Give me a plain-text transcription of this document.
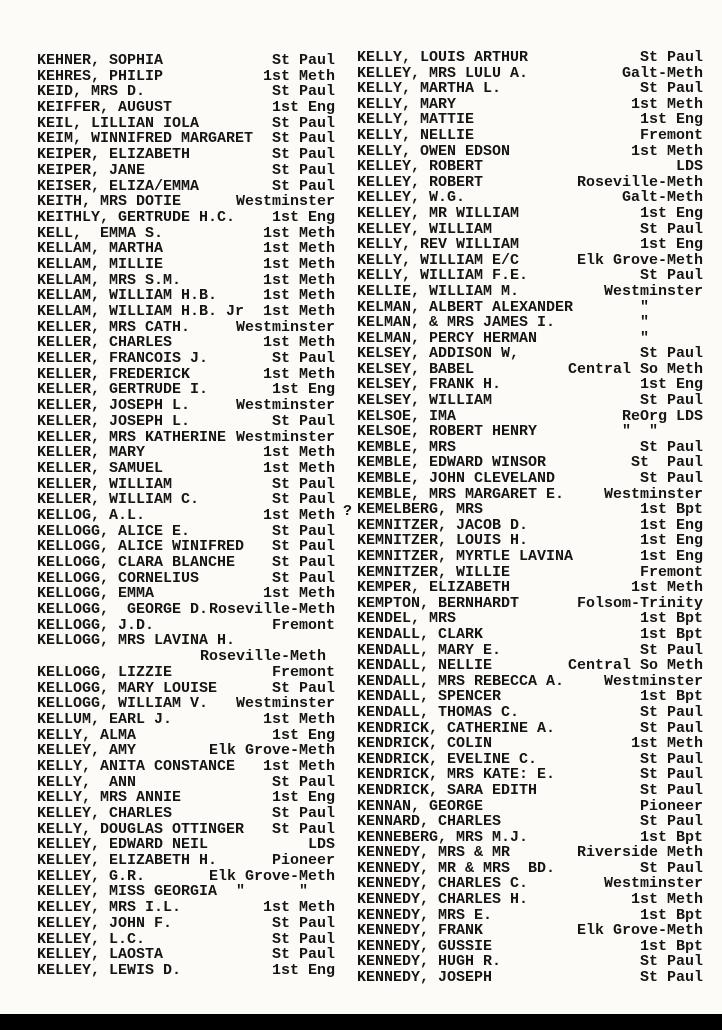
KEHNER, SOPHIA	St Paul
KEHRES, PHILIP	1st Meth
KEID, MRS D.	St Paul
KEIFFER, AUGUST	1st Eng
KEIL, LILLIAN IOLA	St Paul
KEIM, WINNIFRED MARGARET St Paul
KEIPER, ELIZABETH	St Paul
KEIPER, JANE	St Paul
KEISER, ELIZA/EMMA	St Paul
KEITH, MRS DOTIE	Westminster
KEITHLY, GERTRUDE H.C. 1st Eng
KELL,  EMMA S.	1st Meth
KELLAM, MARTHA	1st Meth
KELLAM, MILLIE	1st Meth
KELLAM, MRS S.M.	1st Meth
KELLAM, WILLIAM H.B.	1st Meth
KELLAM, WILLIAM H.B. Jr 1st Meth
KELLER, MRS CATH.	Westminster
KELLER, CHARLES	1st Meth
KELLER, FRANCOIS J.	St Paul
KELLER, FREDERICK	1st Meth
KELLER, GERTRUDE I.	1st Eng
KELLER, JOSEPH L.	Westminster
KELLER, JOSEPH L.	St Paul
KELLER, MRS KATHERINE Westminster
KELLER, MARY	1st Meth
KELLER, SAMUEL	1st Meth
KELLER, WILLIAM	St Paul
KELLER, WILLIAM C.	St Paul
KELLOG, A.L.	1st Meth
KELLOGG, ALICE E.	St Paul
KELLOGG, ALICE WINIFRED St Paul
KELLOGG, CLARA BLANCHE St Paul
KELLOGG, CORNELIUS	St Paul
KELLOGG, EMMA	1st Meth
KELLOGG,  GEORGE D. Roseville-Meth
KELLOGG, J.D.	Fremont
KELLOGG, MRS LAVINA H.
Roseville-Meth
KELLOGG, LIZZIE	Fremont
KELLOGG, MARY LOUISE	St Paul
KELLOGG, WILLIAM V. Westminster
KELLUM, EARL J.	1st Meth
KELLY, ALMA	1st Eng
KELLEY, AMY	Elk Grove-Meth
KELLY, ANITA CONSTANCE 1st Meth
KELLY,  ANN	St Paul
KELLY, MRS ANNIE	1st Eng
KELLEY, CHARLES	St Paul
KELLY, DOUGLAS OTTINGER St Paul
KELLEY, EDWARD NEIL	LDS
KELLEY, ELIZABETH H.	Pioneer
KELLEY, G.R.	Elk Grove-Meth
KELLEY, MISS GEORGIA "      "
KELLEY, MRS I.L.	1st Meth
KELLEY, JOHN F.	St Paul
KELLEY, L.C.	St Paul
KELLEY, LAOSTA	St Paul
KELLEY, LEWIS D.	1st Eng
KELLY, LOUIS ARTHUR	St Paul
KELLEY, MRS LULU A.	Galt-Meth
KELLY, MARTHA L.	St Paul
KELLY, MARY	1st Meth
KELLY, MATTIE	1st Eng
KELLY, NELLIE	Fremont
KELLY, OWEN EDSON	1st Meth
KELLEY, ROBERT	LDS
KELLEY, ROBERT	Roseville-Meth
KELLEY, W.G.	Galt-Meth
KELLEY, MR WILLIAM	1st Eng
KELLEY, WILLIAM	St Paul
KELLY, REV WILLIAM	1st Eng
KELLY, WILLIAM E/C	Elk Grove-Meth
KELLY, WILLIAM F.E.	St Paul
KELLIE, WILLIAM M.	Westminster
KELMAN, ALBERT ALEXANDER	"
KELMAN, & MRS JAMES I.	"
KELMAN, PERCY HERMAN	"
KELSEY, ADDISON W,	St Paul
KELSEY, BABEL	Central So Meth
KELSEY, FRANK H.	1st Eng
KELSEY, WILLIAM	St Paul
KELSOE, IMA	ReOrg LDS
KELSOE, ROBERT HENRY	"  "
KEMBLE, MRS	St Paul
KEMBLE, EDWARD WINSOR	St  Paul
KEMBLE, JOHN CLEVELAND	St Paul
KEMBLE, MRS MARGARET E.	Westminster
KEMELBERG, MRS	1st Bpt
KEMNITZER, JACOB D.	1st Eng
KEMNITZER, LOUIS H.	1st Eng
KEMNITZER, MYRTLE LAVINA	1st Eng
KEMNITZER, WILLIE	Fremont
KEMPER, ELIZABETH	1st Meth
KEMPTON, BERNHARDT	Folsom-Trinity
KENDEL, MRS	1st Bpt
KENDALL, CLARK	1st Bpt
KENDALL, MARY E.	St Paul
KENDALL, NELLIE	Central So Meth
KENDALL, MRS REBECCA A.	Westminster
KENDALL, SPENCER	1st Bpt
KENDALL, THOMAS C.	St Paul
KENDRICK, CATHERINE A.	St Paul
KENDRICK, COLIN	1st Meth
KENDRICK, EVELINE C.	St Paul
KENDRICK, MRS KATE: E.	St Paul
KENDRICK, SARA EDITH	St Paul
KENNAN, GEORGE	Pioneer
KENNARD, CHARLES	St Paul
KENNEBERG, MRS M.J.	1st Bpt
KENNEDY, MRS & MR	Riverside Meth
KENNEDY, MR & MRS  BD.	St Paul
KENNEDY, CHARLES C.	Westminster
KENNEDY, CHARLES H.	1st Meth
KENNEDY, MRS E.	1st Bpt
KENNEDY, FRANK	Elk Grove-Meth
KENNEDY, GUSSIE	1st Bpt
KENNEDY, HUGH R.	St Paul
KENNEDY, JOSEPH	St Paul
?
